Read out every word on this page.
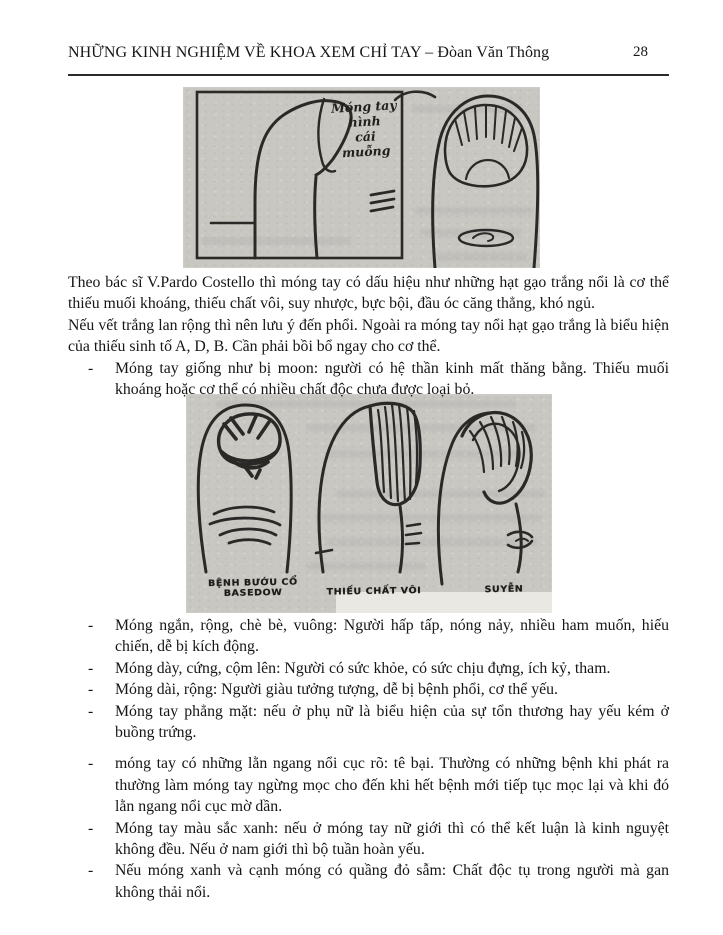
NHỮNG KINH NGHIỆM VỀ KHOA XEM CHỈ TAY – Đòan Văn Thông	28
Móng tay
hình
cái
muỗng
Theo bác sĩ V.Pardo Costello thì móng tay có dấu hiệu như những hạt gạo trắng nổi là cơ thể thiếu muối khoáng, thiếu chất vôi, suy nhược, bực bội, đầu óc căng thẳng, khó ngủ.
Nếu vết trắng lan rộng thì nên lưu ý đến phổi. Ngoài ra móng tay nổi hạt gạo trắng là biểu hiện của thiếu sinh tố A, D, B. Cần phải bồi bổ ngay cho cơ thể.
-	Móng tay giống như bị moon: người có hệ thần kinh mất thăng bằng. Thiếu muối khoáng hoặc cơ thể có nhiều chất độc chưa được loại bỏ.
BỆNH BƯỚU CỔ
BASEDOW	THIẾU CHẤT VÔI	SUYỄN
-	Móng ngắn, rộng, chè bè, vuông: Người hấp tấp, nóng nảy, nhiều ham muốn, hiếu chiến, dễ bị kích động.
-	Móng dày, cứng, cộm lên: Người có sức khỏe, có sức chịu đựng, ích kỷ, tham.
-	Móng dài, rộng: Người giàu tưởng tượng, dễ bị bệnh phổi, cơ thể yếu.
-	Móng tay phẳng mặt: nếu ở phụ nữ là biểu hiện của sự tổn thương hay yếu kém ở buồng trứng.
-	móng tay có những lằn ngang nổi cục rõ: tê bại. Thường có những bệnh khi phát ra thường làm móng tay ngừng mọc cho đến khi hết bệnh mới tiếp tục mọc lại và khi đó lằn ngang nổi cục mờ dần.
-	Móng tay màu sắc xanh: nếu ở móng tay nữ giới thì có thể kết luận là kinh nguyệt không đều. Nếu ở nam giới thì bộ tuần hoàn yếu.
-	Nếu móng xanh và cạnh móng có quầng đỏ sẫm: Chất độc tụ trong người mà gan không thải nổi.
